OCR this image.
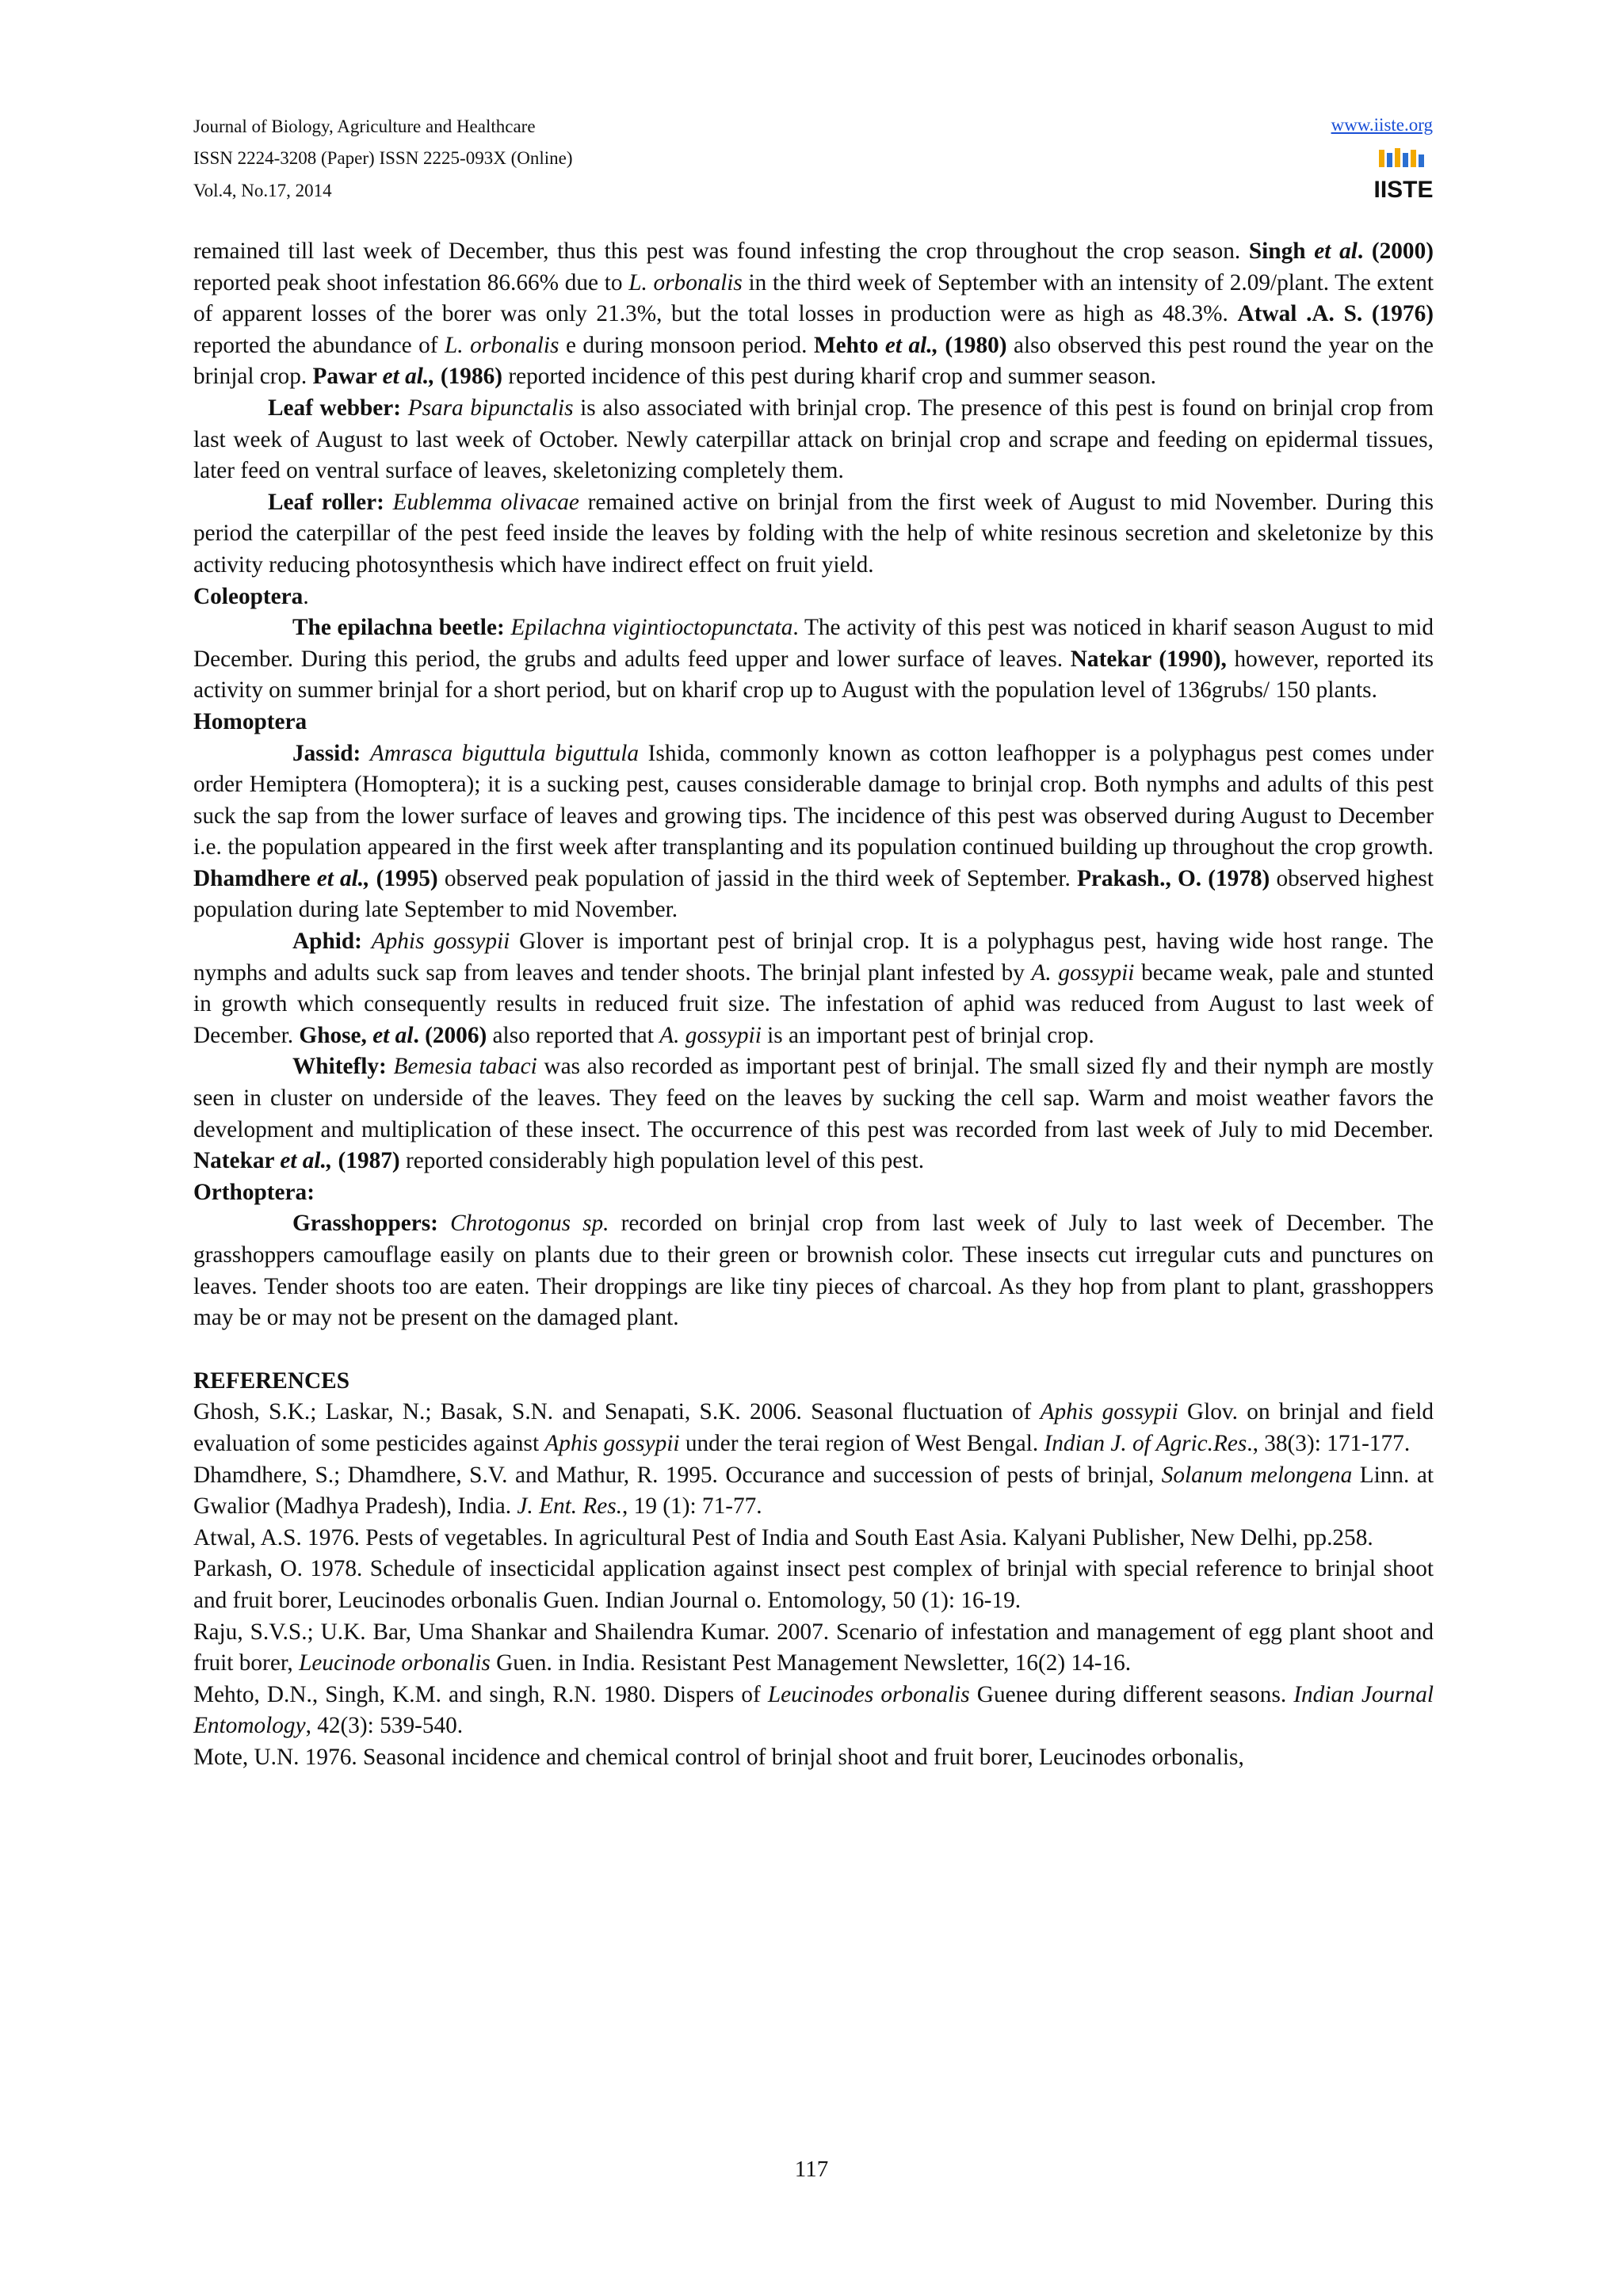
Journal of Biology, Agriculture and Healthcare
ISSN 2224-3208 (Paper) ISSN 2225-093X (Online)
Vol.4, No.17, 2014
www.iiste.org
IISTE

remained till last week of December, thus this pest was found infesting the crop throughout the crop season. Singh et al. (2000) reported peak shoot infestation 86.66% due to L. orbonalis in the third week of September with an intensity of 2.09/plant. The extent of apparent losses of the borer was only 21.3%, but the total losses in production were as high as 48.3%. Atwal .A. S. (1976) reported the abundance of L. orbonalis e during monsoon period. Mehto et al., (1980) also observed this pest round the year on the brinjal crop. Pawar et al., (1986) reported incidence of this pest during kharif crop and summer season.

Leaf webber: Psara bipunctalis is also associated with brinjal crop. The presence of this pest is found on brinjal crop from last week of August to last week of October. Newly caterpillar attack on brinjal crop and scrape and feeding on epidermal tissues, later feed on ventral surface of leaves, skeletonizing completely them.

Leaf roller: Eublemma olivacae remained active on brinjal from the first week of August to mid November. During this period the caterpillar of the pest feed inside the leaves by folding with the help of white resinous secretion and skeletonize by this activity reducing photosynthesis which have indirect effect on fruit yield.

Coleoptera.

The epilachna beetle: Epilachna vigintioctopunctata. The activity of this pest was noticed in kharif season August to mid December. During this period, the grubs and adults feed upper and lower surface of leaves. Natekar (1990), however, reported its activity on summer brinjal for a short period, but on kharif crop up to August with the population level of 136grubs/ 150 plants.

Homoptera

Jassid: Amrasca biguttula biguttula Ishida, commonly known as cotton leafhopper is a polyphagus pest comes under order Hemiptera (Homoptera); it is a sucking pest, causes considerable damage to brinjal crop. Both nymphs and adults of this pest suck the sap from the lower surface of leaves and growing tips. The incidence of this pest was observed during August to December i.e. the population appeared in the first week after transplanting and its population continued building up throughout the crop growth. Dhamdhere et al., (1995) observed peak population of jassid in the third week of September. Prakash., O. (1978) observed highest population during late September to mid November.

Aphid: Aphis gossypii Glover is important pest of brinjal crop. It is a polyphagus pest, having wide host range. The nymphs and adults suck sap from leaves and tender shoots. The brinjal plant infested by A. gossypii became weak, pale and stunted in growth which consequently results in reduced fruit size. The infestation of aphid was reduced from August to last week of December. Ghose, et al. (2006) also reported that A. gossypii is an important pest of brinjal crop.

Whitefly: Bemesia tabaci was also recorded as important pest of brinjal. The small sized fly and their nymph are mostly seen in cluster on underside of the leaves. They feed on the leaves by sucking the cell sap. Warm and moist weather favors the development and multiplication of these insect. The occurrence of this pest was recorded from last week of July to mid December. Natekar et al., (1987) reported considerably high population level of this pest.

Orthoptera:

Grasshoppers: Chrotogonus sp. recorded on brinjal crop from last week of July to last week of December. The grasshoppers camouflage easily on plants due to their green or brownish color. These insects cut irregular cuts and punctures on leaves. Tender shoots too are eaten. Their droppings are like tiny pieces of charcoal. As they hop from plant to plant, grasshoppers may be or may not be present on the damaged plant.

REFERENCES

Ghosh, S.K.; Laskar, N.; Basak, S.N. and Senapati, S.K. 2006. Seasonal fluctuation of Aphis gossypii Glov. on brinjal and field evaluation of some pesticides against Aphis gossypii under the terai region of West Bengal. Indian J. of Agric.Res., 38(3): 171-177.

Dhamdhere, S.; Dhamdhere, S.V. and Mathur, R. 1995. Occurance and succession of pests of brinjal, Solanum melongena Linn. at Gwalior (Madhya Pradesh), India. J. Ent. Res., 19 (1): 71-77.

Atwal, A.S. 1976. Pests of vegetables. In agricultural Pest of India and South East Asia. Kalyani Publisher, New Delhi, pp.258.

Parkash, O. 1978. Schedule of insecticidal application against insect pest complex of brinjal with special reference to brinjal shoot and fruit borer, Leucinodes orbonalis Guen. Indian Journal o. Entomology, 50 (1): 16-19.

Raju, S.V.S.; U.K. Bar, Uma Shankar and Shailendra Kumar. 2007. Scenario of infestation and management of egg plant shoot and fruit borer, Leucinode orbonalis Guen. in India. Resistant Pest Management Newsletter, 16(2) 14-16.

Mehto, D.N., Singh, K.M. and singh, R.N. 1980. Dispers of Leucinodes orbonalis Guenee during different seasons. Indian Journal Entomology, 42(3): 539-540.

Mote, U.N. 1976. Seasonal incidence and chemical control of brinjal shoot and fruit borer, Leucinodes orbonalis,

117
